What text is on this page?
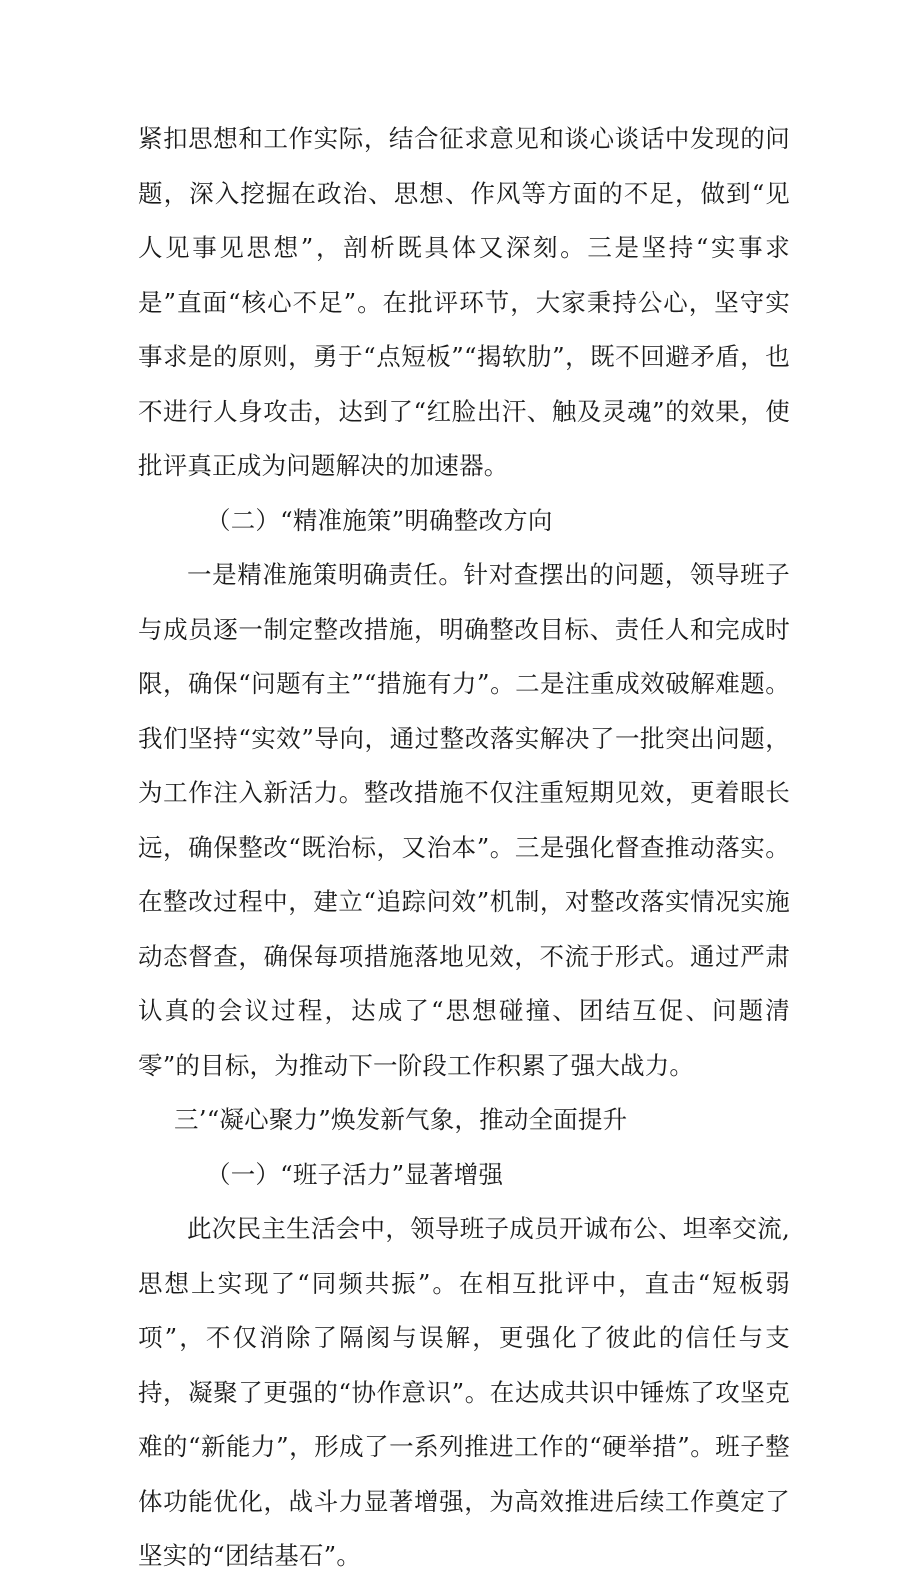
紧扣思想和工作实际，结合征求意见和谈心谈话中发现的问题，深入挖掘在政治、思想、作风等方面的不足，做到“见人见事见思想”，剖析既具体又深刻。三是坚持“实事求是”直面“核心不足”。在批评环节，大家秉持公心，坚守实事求是的原则，勇于“点短板”“揭软肋”，既不回避矛盾，也不进行人身攻击，达到了“红脸出汗、触及灵魂”的效果，使批评真正成为问题解决的加速器。

（二）“精准施策”明确整改方向

一是精准施策明确责任。针对查摆出的问题，领导班子与成员逐一制定整改措施，明确整改目标、责任人和完成时限，确保“问题有主”“措施有力”。二是注重成效破解难题。我们坚持“实效”导向，通过整改落实解决了一批突出问题，为工作注入新活力。整改措施不仅注重短期见效，更着眼长远，确保整改“既治标，又治本”。三是强化督查推动落实。在整改过程中，建立“追踪问效”机制，对整改落实情况实施动态督查，确保每项措施落地见效，不流于形式。通过严肃认真的会议过程，达成了“思想碰撞、团结互促、问题清零”的目标，为推动下一阶段工作积累了强大战力。

三’“凝心聚力”焕发新气象，推动全面提升

（一）“班子活力”显著增强

此次民主生活会中，领导班子成员开诚布公、坦率交流,思想上实现了“同频共振”。在相互批评中，直击“短板弱项”，不仅消除了隔阂与误解，更强化了彼此的信任与支持，凝聚了更强的“协作意识”。在达成共识中锤炼了攻坚克难的“新能力”，形成了一系列推进工作的“硬举措”。班子整体功能优化，战斗力显著增强，为高效推进后续工作奠定了坚实的“团结基石”。
